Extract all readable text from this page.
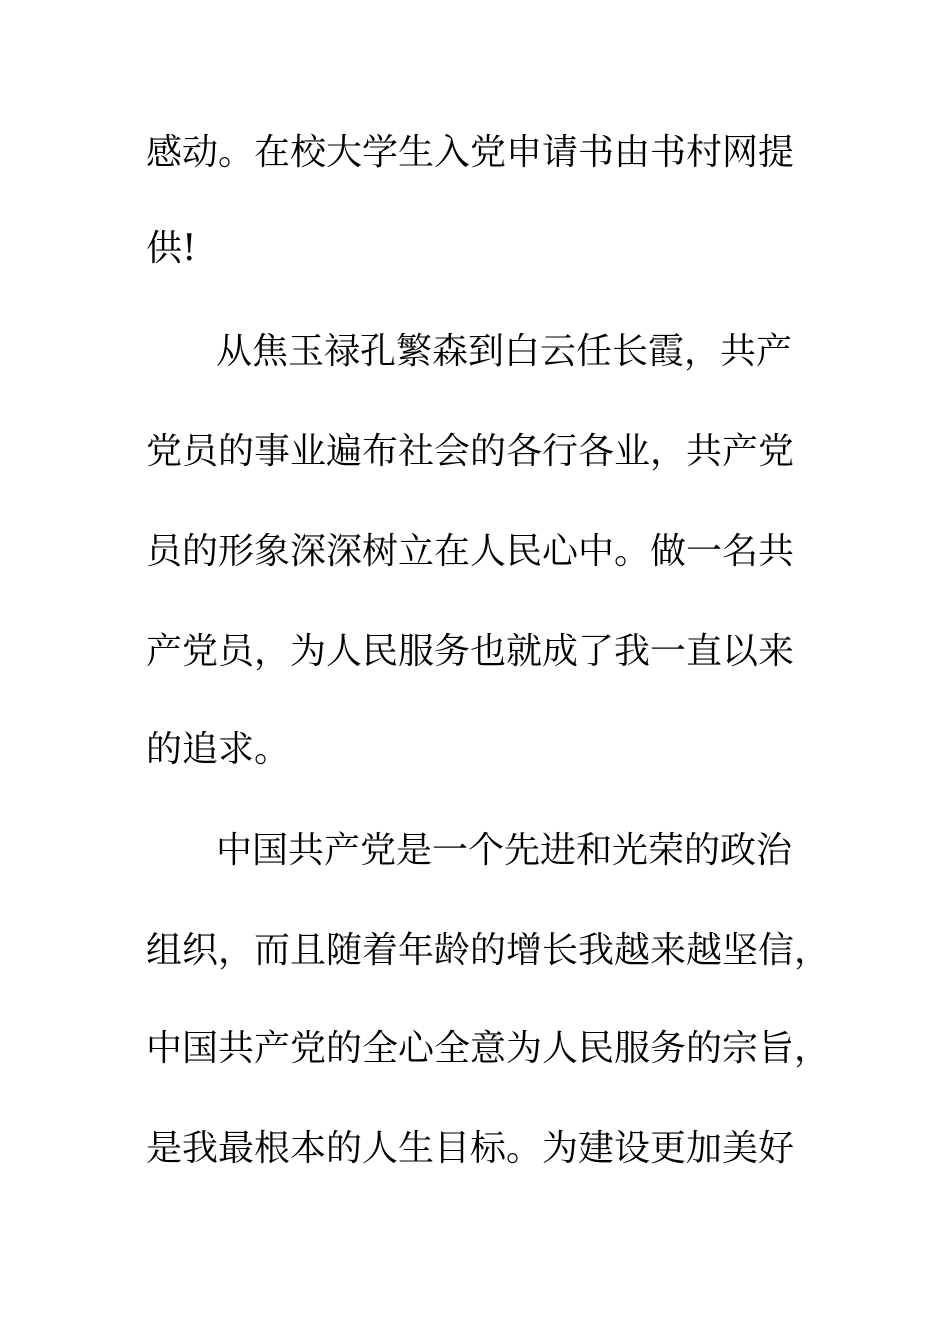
感动。在校大学生入党申请书由书村网提
供!
从焦玉禄孔繁森到白云任长霞，共产
党员的事业遍布社会的各行各业，共产党
员的形象深深树立在人民心中。做一名共
产党员，为人民服务也就成了我一直以来
的追求。
中国共产党是一个先进和光荣的政治
组织，而且随着年龄的增长我越来越坚信，
中国共产党的全心全意为人民服务的宗旨，
是我最根本的人生目标。为建设更加美好
